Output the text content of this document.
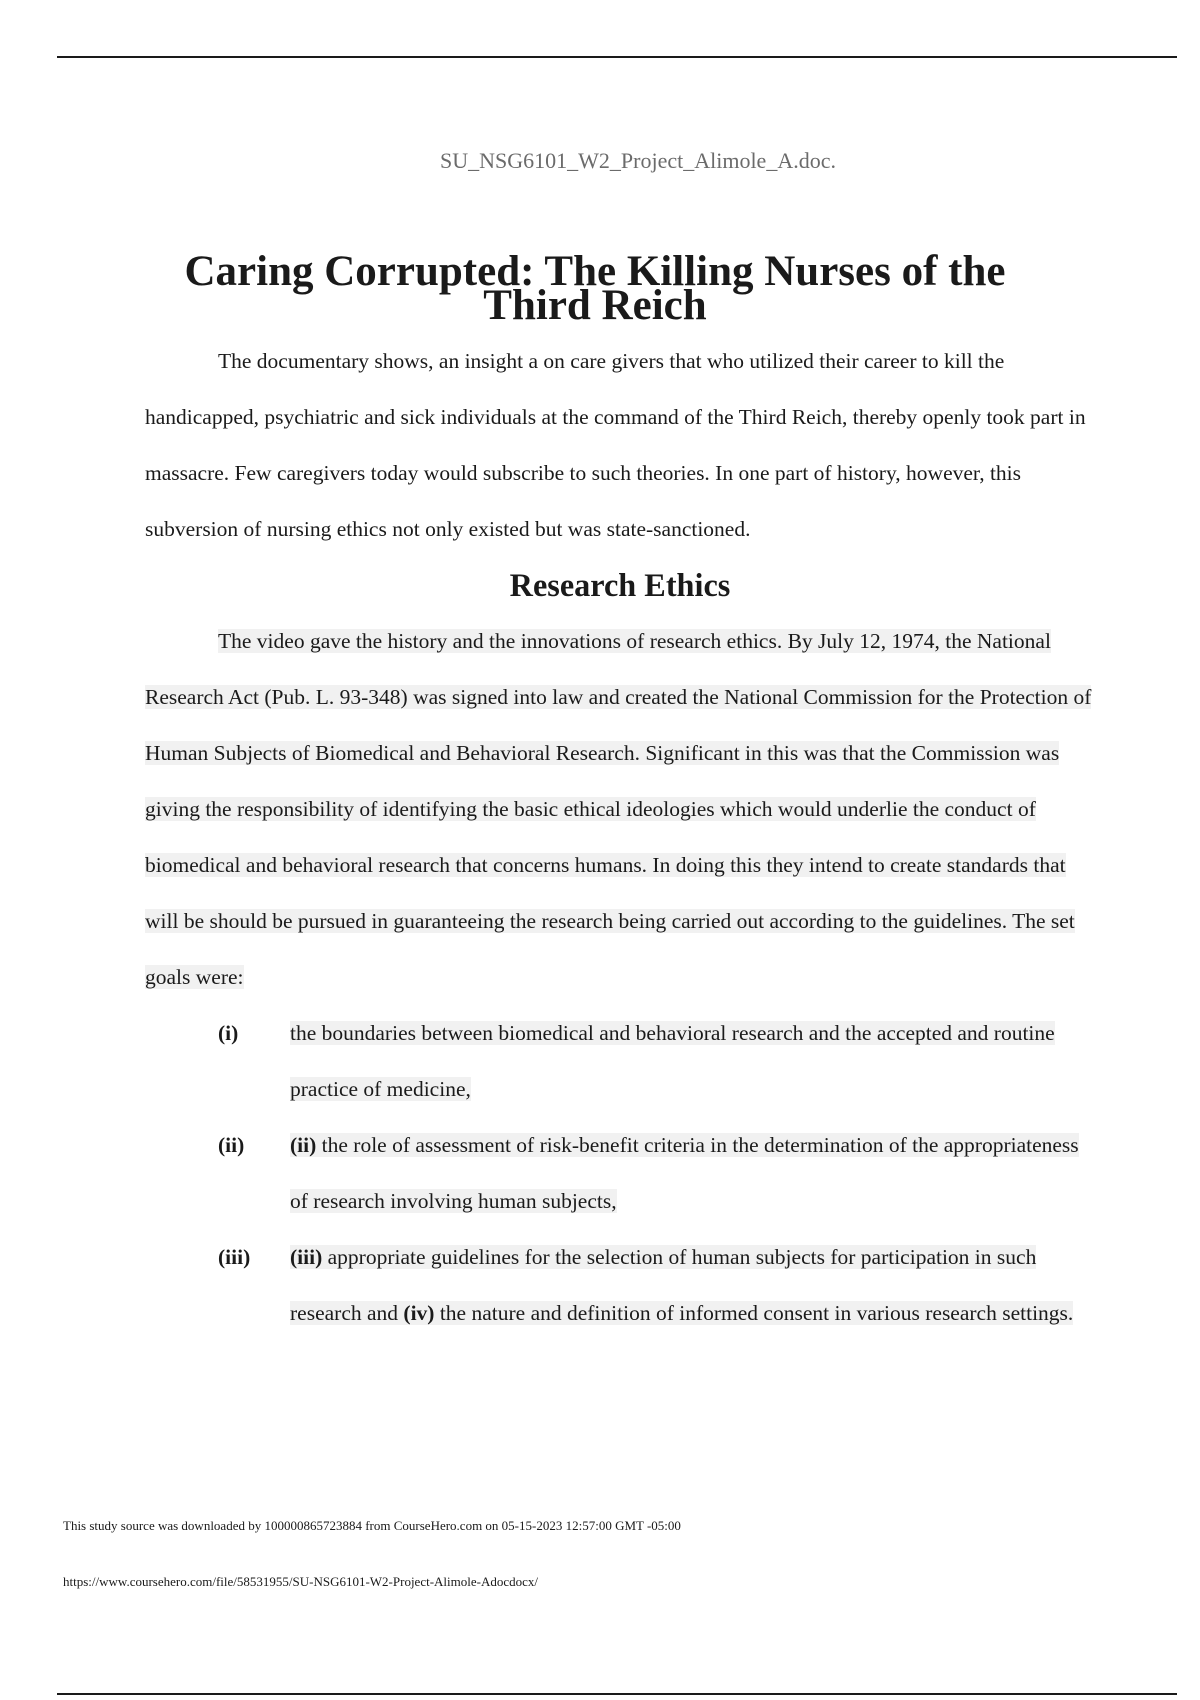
SU_NSG6101_W2_Project_Alimole_A.doc.
Caring Corrupted: The Killing Nurses of the Third Reich

The documentary shows, an insight a on care givers that who utilized their career to kill the handicapped, psychiatric and sick individuals at the command of the Third Reich, thereby openly took part in massacre. Few caregivers today would subscribe to such theories. In one part of history, however, this subversion of nursing ethics not only existed but was state-sanctioned.

Research Ethics

The video gave the history and the innovations of research ethics. By July 12, 1974, the National Research Act (Pub. L. 93-348) was signed into law and created the National Commission for the Protection of Human Subjects of Biomedical and Behavioral Research. Significant in this was that the Commission was giving the responsibility of identifying the basic ethical ideologies which would underlie the conduct of biomedical and behavioral research that concerns humans. In doing this they intend to create standards that will be should be pursued in guaranteeing the research being carried out according to the guidelines. The set goals were:

(i) the boundaries between biomedical and behavioral research and the accepted and routine practice of medicine,
(ii) (ii) the role of assessment of risk-benefit criteria in the determination of the appropriateness of research involving human subjects,
(iii) (iii) appropriate guidelines for the selection of human subjects for participation in such research and (iv) the nature and definition of informed consent in various research settings.
This study source was downloaded by 100000865723884 from CourseHero.com on 05-15-2023 12:57:00 GMT -05:00
https://www.coursehero.com/file/58531955/SU-NSG6101-W2-Project-Alimole-Adocdocx/
